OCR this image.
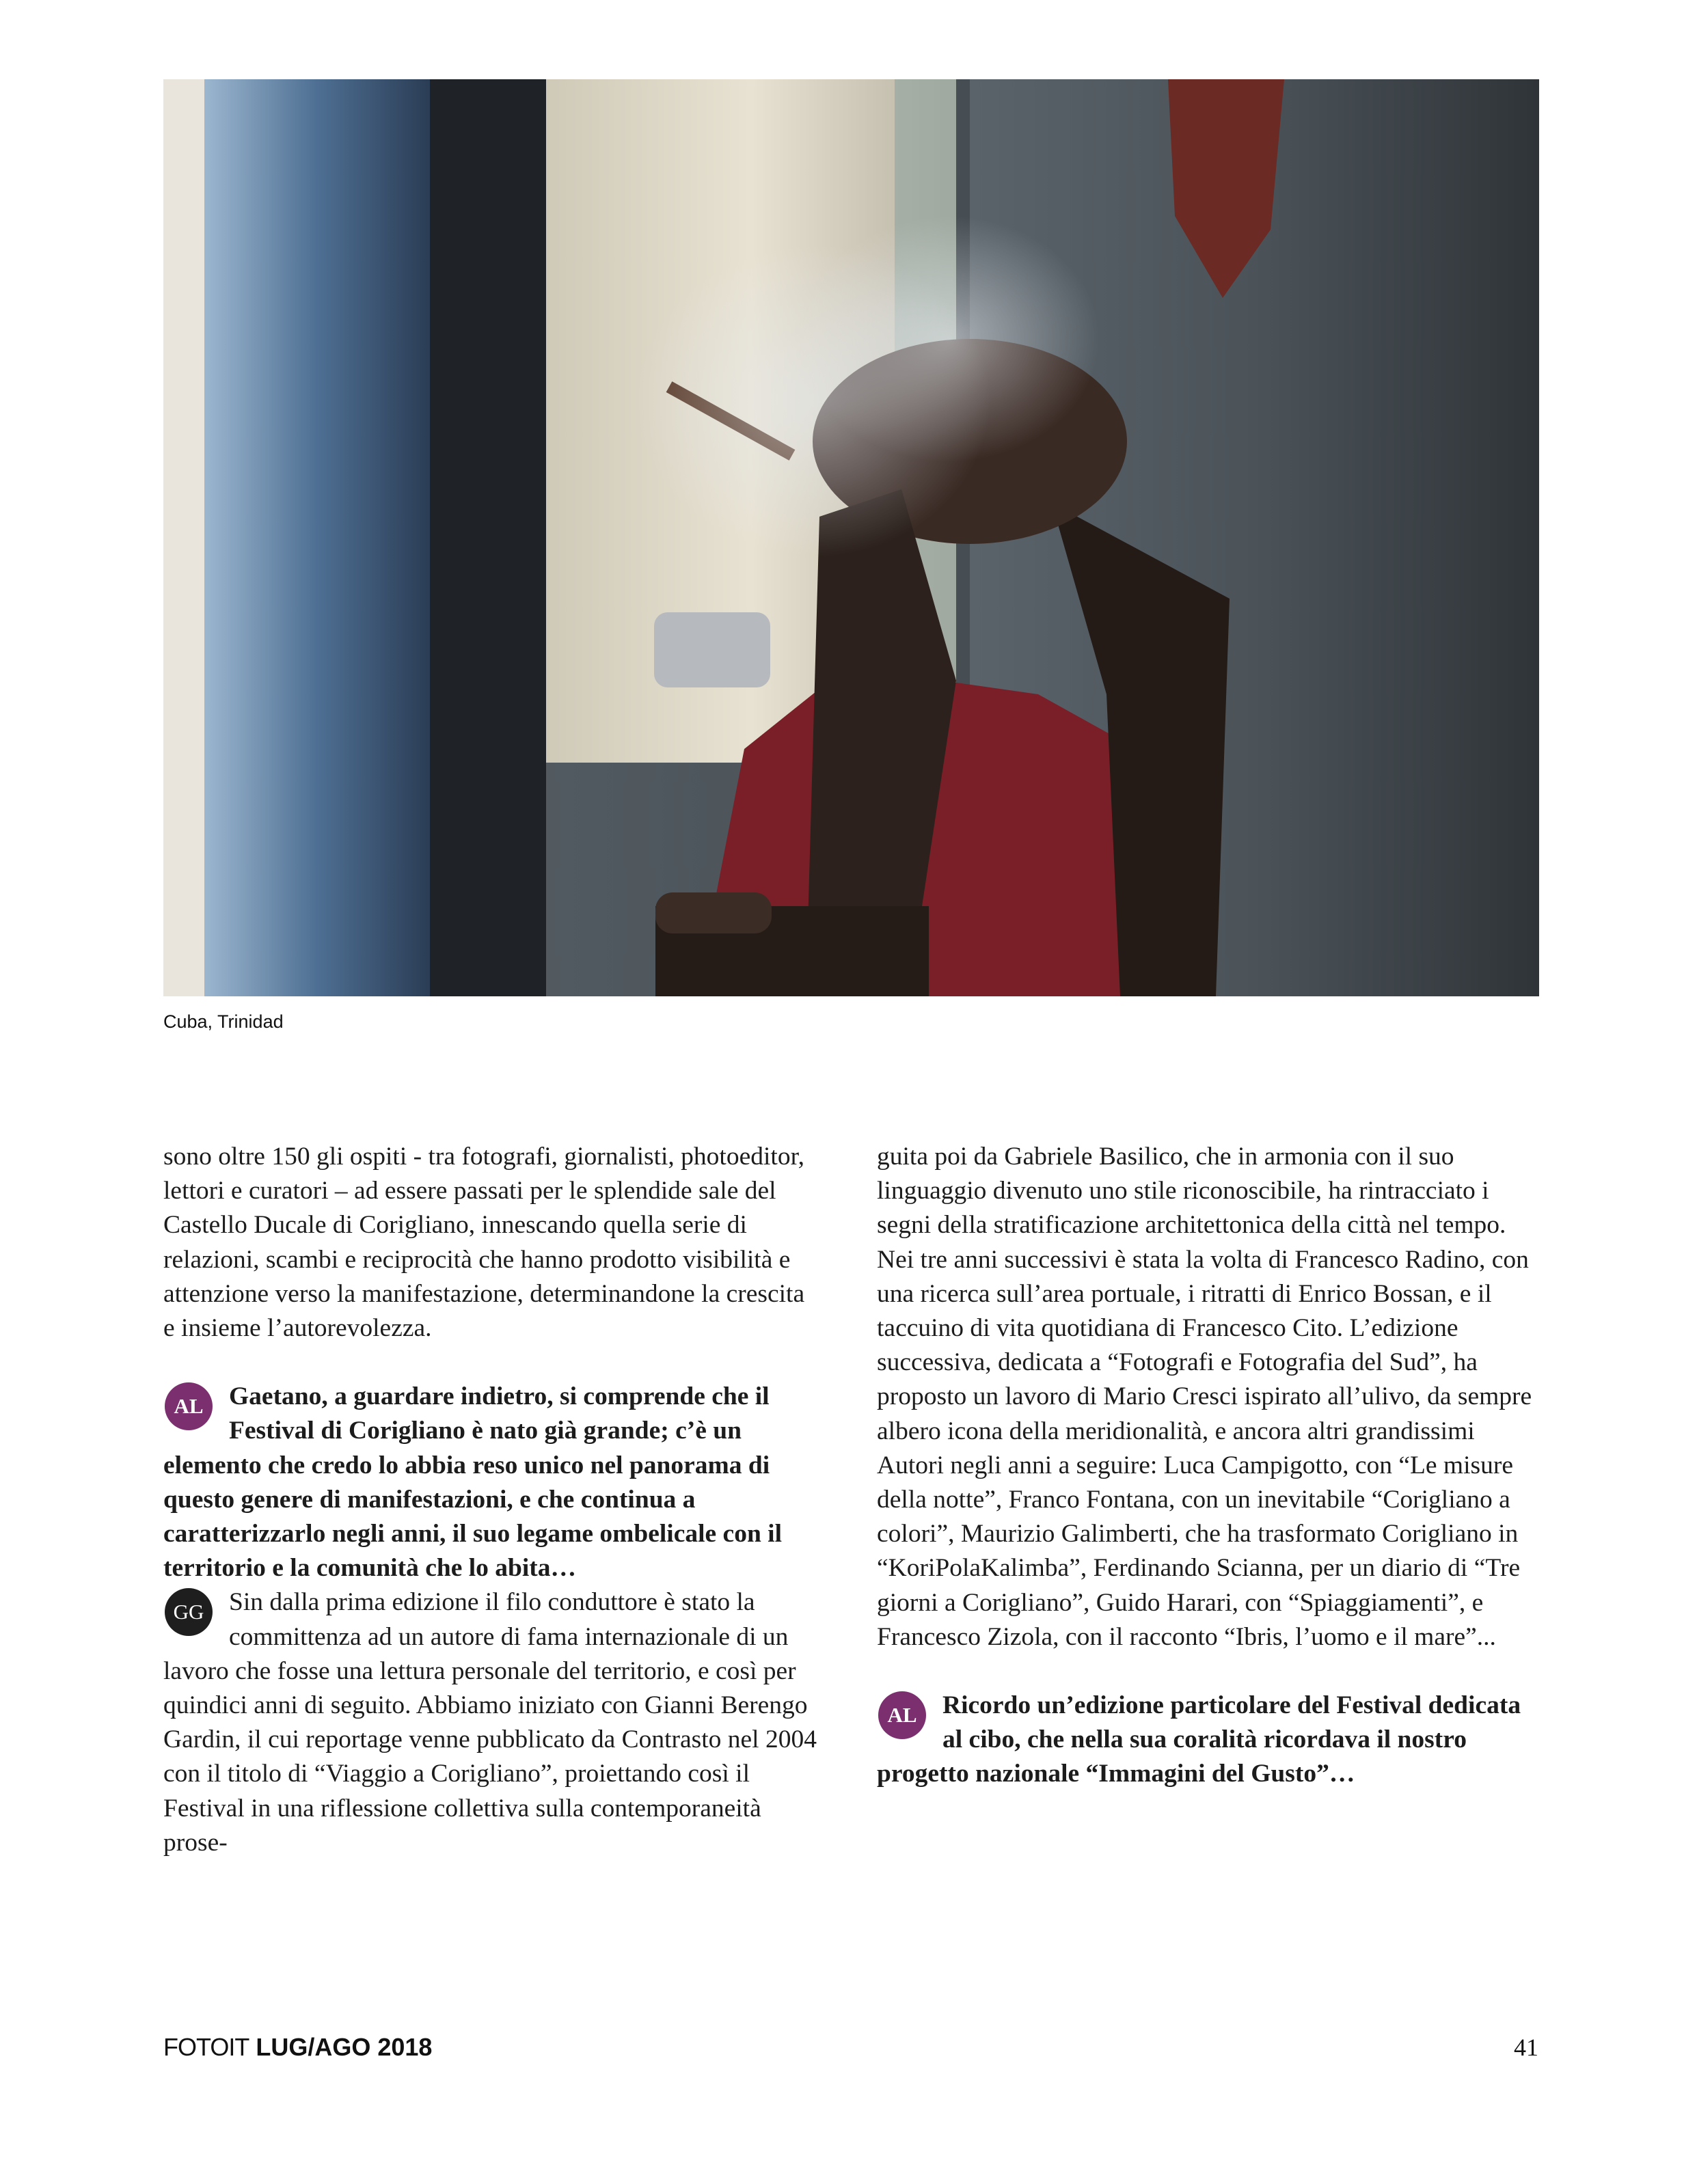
Cuba, Trinidad

sono oltre 150 gli ospiti - tra fotografi, giornalisti, photoeditor, lettori e curatori – ad essere passati per le splendide sale del Castello Ducale di Corigliano, innescando quella serie di relazioni, scambi e reciprocità che hanno prodotto visibilità e attenzione verso la manifestazione, determinandone la crescita e insieme l’autorevolezza.

AL Gaetano, a guardare indietro, si comprende che il Festival di Corigliano è nato già grande; c’è un elemento che credo lo abbia reso unico nel panorama di questo genere di manifestazioni, e che continua a caratterizzarlo negli anni, il suo legame ombelicale con il territorio e la comunità che lo abita…

GG Sin dalla prima edizione il filo conduttore è stato la committenza ad un autore di fama internazionale di un lavoro che fosse una lettura personale del territorio, e così per quindici anni di seguito. Abbiamo iniziato con Gianni Berengo Gardin, il cui reportage venne pubblicato da Contrasto nel 2004 con il titolo di “Viaggio a Corigliano”, proiettando così il Festival in una riflessione collettiva sulla contemporaneità prose-

guita poi da Gabriele Basilico, che in armonia con il suo linguaggio divenuto uno stile riconoscibile, ha rintracciato i segni della stratificazione architettonica della città nel tempo. Nei tre anni successivi è stata la volta di Francesco Radino, con una ricerca sull’area portuale, i ritratti di Enrico Bossan, e il taccuino di vita quotidiana di Francesco Cito. L’edizione successiva, dedicata a “Fotografi e Fotografia del Sud”, ha proposto un lavoro di Mario Cresci ispirato all’ulivo, da sempre albero icona della meridionalità, e ancora altri grandissimi Autori negli anni a seguire: Luca Campigotto, con “Le misure della notte”, Franco Fontana, con un inevitabile “Corigliano a colori”, Maurizio Galimberti, che ha trasformato Corigliano in “KoriPolaKalimba”, Ferdinando Scianna, per un diario di “Tre giorni a Corigliano”, Guido Harari, con “Spiaggiamenti”, e Francesco Zizola, con il racconto “Ibris, l’uomo e il mare”...

AL Ricordo un’edizione particolare del Festival dedicata al cibo, che nella sua coralità ricordava il nostro progetto nazionale “Immagini del Gusto”…

FOTOIT LUG/AGO 2018	41
